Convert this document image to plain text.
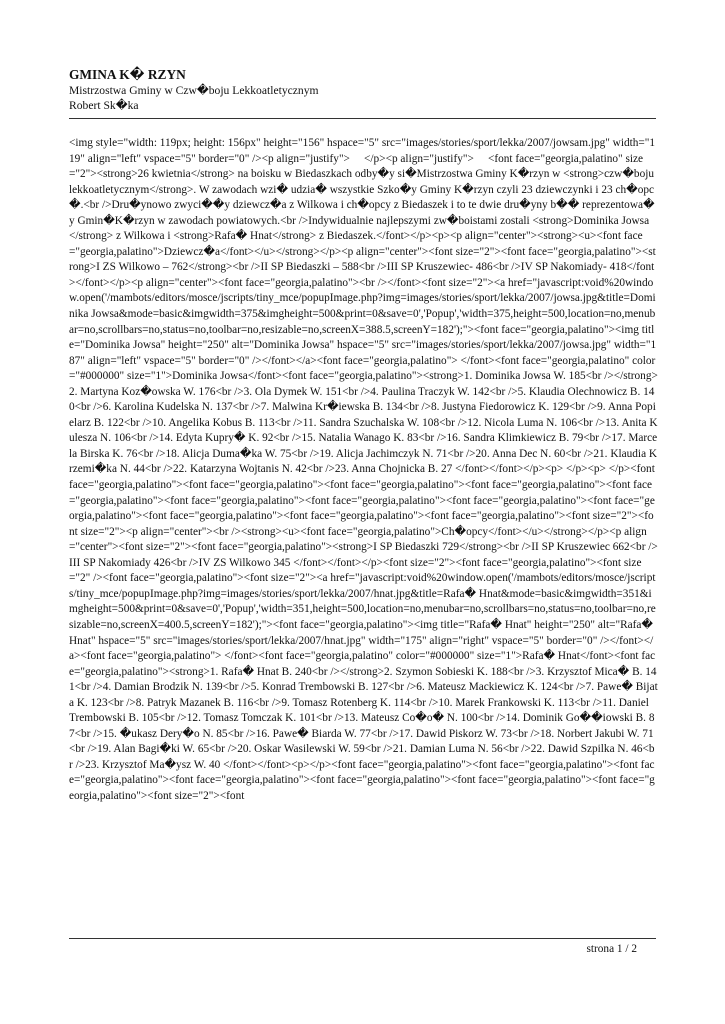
GMINA K� RZYN
Mistrzostwa Gminy w Czw�boju Lekkoatletycznym
Robert Sk�ka
<img style="width: 119px; height: 156px" height="156" hspace="5" src="images/stories/sport/lekka/2007/jowsam.jpg" width="119" align="left" vspace="5" border="0" /><p align="justify">     </p><p align="justify">     <font face="georgia,palatino" size="2"><strong>26 kwietnia</strong> na boisku w Biedaszkach odby�y si�Mistrzostwa Gminy K�rzyn w <strong>czw�boju lekkoatletycznym</strong>. W zawodach wzi� udzia� wszystkie Szko�y Gminy K�rzyn czyli 23 dziewczynki i 23 ch�opc�.<br />Dru�ynowo zwyci��y dziewcz�a z Wilkowa i ch�opcy z Biedaszek i to te dwie dru�yny b�� reprezentowa�y Gmin�K�rzyn w zawodach powiatowych.<br />Indywidualnie najlepszymi zw�boistami zostali <strong>Dominika Jowsa</strong> z Wilkowa i <strong>Rafa� Hnat</strong> z Biedaszek.</font></p><p><p align="center"><strong><u><font face="georgia,palatino">Dziewcz�a</font></u></strong></p><p align="center"><font size="2"><font face="georgia,palatino"><strong>I ZS Wilkowo – 762</strong><br />II SP Biedaszki – 588<br />III SP Kruszewiec- 486<br />IV SP Nakomiady- 418</font></font></p><p align="center"><font face="georgia,palatino"><br /></font><font size="2"><a href="javascript:void%20window.open('/mambots/editors/mosce/jscripts/tiny_mce/popupImage.php?img=images/stories/sport/lekka/2007/jowsa.jpg&title=Dominika Jowsa&mode=basic&imgwidth=375&imgheight=500&print=0&save=0','Popup','width=375,height=500,location=no,menubar=no,scrollbars=no,status=no,toolbar=no,resizable=no,screenX=388.5,screenY=182');"><font face="georgia,palatino"><img title="Dominika Jowsa" height="250" alt="Dominika Jowsa" hspace="5" src="images/stories/sport/lekka/2007/jowsa.jpg" width="187" align="left" vspace="5" border="0" /></font></a><font face="georgia,palatino"> </font><font face="georgia,palatino" color="#000000" size="1">Dominika Jowsa</font><font face="georgia,palatino"><strong>1. Dominika Jowsa W. 185<br /></strong>2. Martyna Koz�owska W. 176<br />3. Ola Dymek W. 151<br />4. Paulina Traczyk W. 142<br />5. Klaudia Olechnowicz B. 140<br />6. Karolina Kudelska N. 137<br />7. Malwina Kr�iewska B. 134<br />8. Justyna Fiedorowicz K. 129<br />9. Anna Popielarz B. 122<br />10. Angelika Kobus B. 113<br />11. Sandra Szuchalska W. 108<br />12. Nicola Luma N. 106<br />13. Anita Kulesza N. 106<br />14. Edyta Kupry� K. 92<br />15. Natalia Wanago K. 83<br />16. Sandra Klimkiewicz B. 79<br />17. Marcela Birska K. 76<br />18. Alicja Duma�ka W. 75<br />19. Alicja Jachimczyk N. 71<br />20. Anna Dec N. 60<br />21. Klaudia Krzemi�ka N. 44<br />22. Katarzyna Wojtanis N. 42<br />23. Anna Chojnicka B. 27 </font></font></p><p> </p><p> </p><font face="georgia,palatino"><font face="georgia,palatino"><font face="georgia,palatino"><font face="georgia,palatino"><font face="georgia,palatino"><font face="georgia,palatino"><font face="georgia,palatino"><font face="georgia,palatino"><font face="georgia,palatino"><font face="georgia,palatino"><font face="georgia,palatino"><font face="georgia,palatino"><font size="2"><font size="2"><p align="center"><br /><strong><u><font face="georgia,palatino">Ch�opcy</font></u></strong></p><p align="center"><font size="2"><font face="georgia,palatino"><strong>I SP Biedaszki 729</strong><br />II SP Kruszewiec 662<br />III SP Nakomiady 426<br />IV ZS Wilkowo 345 </font></font></p><font size="2"><font face="georgia,palatino"><font size="2" /><font face="georgia,palatino"><font size="2"><a href="javascript:void%20window.open('/mambots/editors/mosce/jscripts/tiny_mce/popupImage.php?img=images/stories/sport/lekka/2007/hnat.jpg&title=Rafa� Hnat&mode=basic&imgwidth=351&imgheight=500&print=0&save=0','Popup','width=351,height=500,location=no,menubar=no,scrollbars=no,status=no,toolbar=no,resizable=no,screenX=400.5,screenY=182');"><font face="georgia,palatino"><img title="Rafa� Hnat" height="250" alt="Rafa� Hnat" hspace="5" src="images/stories/sport/lekka/2007/hnat.jpg" width="175" align="right" vspace="5" border="0" /></font></a><font face="georgia,palatino"> </font><font face="georgia,palatino" color="#000000" size="1">Rafa� Hnat</font><font face="georgia,palatino"><strong>1. Rafa� Hnat B. 240<br /></strong>2. Szymon Sobieski K. 188<br />3. Krzysztof Mica� B. 141<br />4. Damian Brodzik N. 139<br />5. Konrad Trembowski B. 127<br />6. Mateusz Mackiewicz K. 124<br />7. Pawe� Bijata K. 123<br />8. Patryk Mazanek B. 116<br />9. Tomasz Rotenberg K. 114<br />10. Marek Frankowski K. 113<br />11. Daniel Trembowski B. 105<br />12. Tomasz Tomczak K. 101<br />13. Mateusz Co�o� N. 100<br />14. Dominik Go��iowski B. 87<br />15. �ukasz Dery�o N. 85<br />16. Pawe� Biarda W. 77<br />17. Dawid Piskorz W. 73<br />18. Norbert Jakubi W. 71<br />19. Alan Bagi�ki W. 65<br />20. Oskar Wasilewski W. 59<br />21. Damian Luma N. 56<br />22. Dawid Szpilka N. 46<br />23. Krzysztof Ma�ysz W. 40 </font></font><p></p><font face="georgia,palatino"><font face="georgia,palatino"><font face="georgia,palatino"><font face="georgia,palatino"><font face="georgia,palatino"><font face="georgia,palatino"><font face="georgia,palatino"><font size="2"><font
strona 1 / 2
